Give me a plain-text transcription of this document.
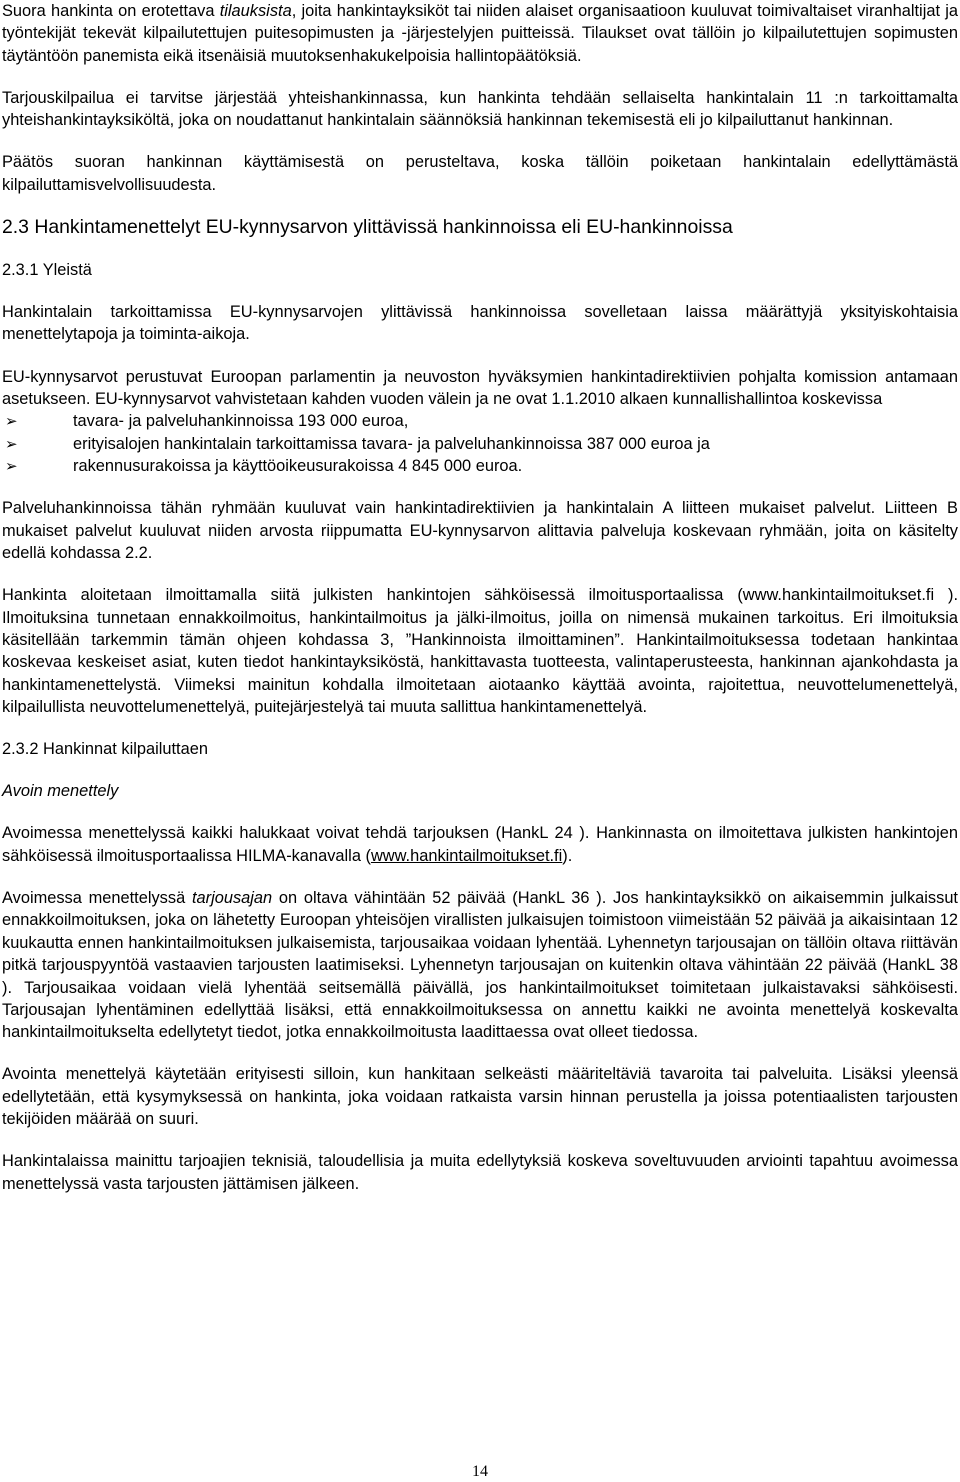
Suora hankinta on erotettava tilauksista, joita hankintayksiköt tai niiden alaiset organisaatioon kuuluvat toimivaltaiset viranhaltijat ja työntekijät tekevät kilpailutettujen puitesopimusten ja -järjestelyjen puitteissä. Tilaukset ovat tällöin jo kilpailutettujen sopimusten täytäntöön panemista eikä itsenäisiä muutoksenhakukelpoisia hallintopäätöksiä.

Tarjouskilpailua ei tarvitse järjestää yhteishankinnassa, kun hankinta tehdään sellaiselta hankintalain 11 :n tarkoittamalta yhteishankintayksiköltä, joka on noudattanut hankintalain säännöksiä hankinnan tekemisestä eli jo kilpailuttanut hankinnan.

Päätös suoran hankinnan käyttämisestä on perusteltava, koska tällöin poiketaan hankintalain edellyttämästä kilpailuttamisvelvollisuudesta.

2.3 Hankintamenettelyt EU-kynnysarvon ylittävissä hankinnoissa eli EU-hankinnoissa
2.3.1 Yleistä

Hankintalain tarkoittamissa EU-kynnysarvojen ylittävissä hankinnoissa sovelletaan laissa määrättyjä yksityiskohtaisia menettelytapoja ja toiminta-aikoja.

EU-kynnysarvot perustuvat Euroopan parlamentin ja neuvoston hyväksymien hankintadirektiivien pohjalta komission antamaan asetukseen. EU-kynnysarvot vahvistetaan kahden vuoden välein ja ne ovat 1.1.2010 alkaen kunnallishallintoa koskevissa

➢	tavara- ja palveluhankinnoissa 193 000 euroa,
➢	erityisalojen hankintalain tarkoittamissa tavara- ja palveluhankinnoissa 387 000 euroa ja
➢	rakennusurakoissa ja käyttöoikeusurakoissa 4 845 000 euroa.

Palveluhankinnoissa tähän ryhmään kuuluvat vain hankintadirektiivien ja hankintalain A liitteen mukaiset palvelut. Liitteen B mukaiset palvelut kuuluvat niiden arvosta riippumatta EU-kynnysarvon alittavia palveluja koskevaan ryhmään, joita on käsitelty edellä kohdassa 2.2.

Hankinta aloitetaan ilmoittamalla siitä julkisten hankintojen sähköisessä ilmoitusportaalissa (www.hankintailmoitukset.fi ). Ilmoituksina tunnetaan ennakkoilmoitus, hankintailmoitus ja jälki-ilmoitus, joilla on nimensä mukainen tarkoitus. Eri ilmoituksia käsitellään tarkemmin tämän ohjeen kohdassa 3, ”Hankinnoista ilmoittaminen”. Hankintailmoituksessa todetaan hankintaa koskevaa keskeiset asiat, kuten tiedot hankintayksiköstä, hankittavasta tuotteesta, valintaperusteesta, hankinnan ajankohdasta ja hankintamenettelystä. Viimeksi mainitun kohdalla ilmoitetaan aiotaanko käyttää avointa, rajoitettua, neuvottelumenettelyä, kilpailullista neuvottelumenettelyä, puitejärjestelyä tai muuta sallittua hankintamenettelyä.

2.3.2 Hankinnat kilpailuttaen
Avoin menettely

Avoimessa menettelyssä kaikki halukkaat voivat tehdä tarjouksen (HankL 24 ). Hankinnasta on ilmoitettava julkisten hankintojen sähköisessä ilmoitusportaalissa HILMA-kanavalla (www.hankintailmoitukset.fi).

Avoimessa menettelyssä tarjousajan on oltava vähintään 52 päivää (HankL 36 ). Jos hankintayksikkö on aikaisemmin julkaissut ennakkoilmoituksen, joka on lähetetty Euroopan yhteisöjen virallisten julkaisujen toimistoon viimeistään 52 päivää ja aikaisintaan 12 kuukautta ennen hankintailmoituksen julkaisemista, tarjousaikaa voidaan lyhentää. Lyhennetyn tarjousajan on tällöin oltava riittävän pitkä tarjouspyyntöä vastaavien tarjousten laatimiseksi. Lyhennetyn tarjousajan on kuitenkin oltava vähintään 22 päivää (HankL 38 ). Tarjousaikaa voidaan vielä lyhentää seitsemällä päivällä, jos hankintailmoitukset toimitetaan julkaistavaksi sähköisesti. Tarjousajan lyhentäminen edellyttää lisäksi, että ennakkoilmoituksessa on annettu kaikki ne avointa menettelyä koskevalta hankintailmoitukselta edellytetyt tiedot, jotka ennakkoilmoitusta laadittaessa ovat olleet tiedossa.

Avointa menettelyä käytetään erityisesti silloin, kun hankitaan selkeästi määriteltäviä tavaroita tai palveluita. Lisäksi yleensä edellytetään, että kysymyksessä on hankinta, joka voidaan ratkaista varsin hinnan perustella ja joissa potentiaalisten tarjousten tekijöiden määrää on suuri.

Hankintalaissa mainittu tarjoajien teknisiä, taloudellisia ja muita edellytyksiä koskeva soveltuvuuden arviointi tapahtuu avoimessa menettelyssä vasta tarjousten jättämisen jälkeen.

14
